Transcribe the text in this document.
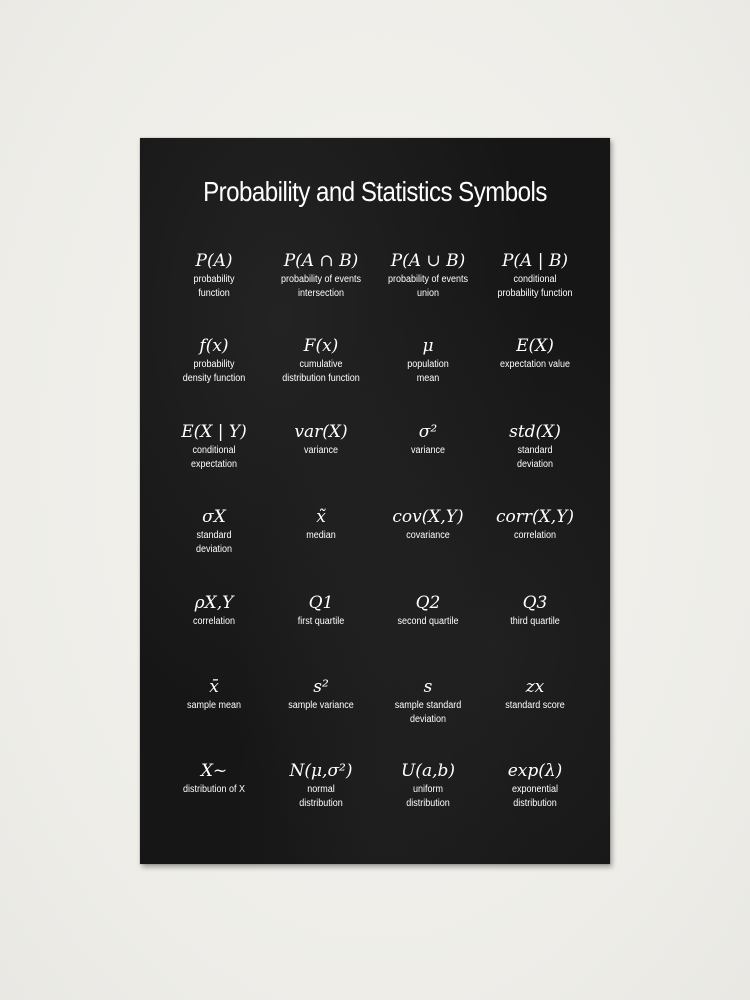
Probability and Statistics Symbols
P(A)
probability
function
P(A ∩ B)
probability of events
intersection
P(A ∪ B)
probability of events
union
P(A | B)
conditional
probability function
f(x)
probability
density function
F(x)
cumulative
distribution function
μ
population
mean
E(X)
expectation value
E(X | Y)
conditional
expectation
var(X)
variance
σ²
variance
std(X)
standard
deviation
σX
standard
deviation
x̃
median
cov(X,Y)
covariance
corr(X,Y)
correlation
ρX,Y
correlation
Q1
first quartile
Q2
second quartile
Q3
third quartile
x̄
sample mean
s²
sample variance
s
sample standard
deviation
zx
standard score
X~
distribution of X
N(μ,σ²)
normal
distribution
U(a,b)
uniform
distribution
exp(λ)
exponential
distribution
